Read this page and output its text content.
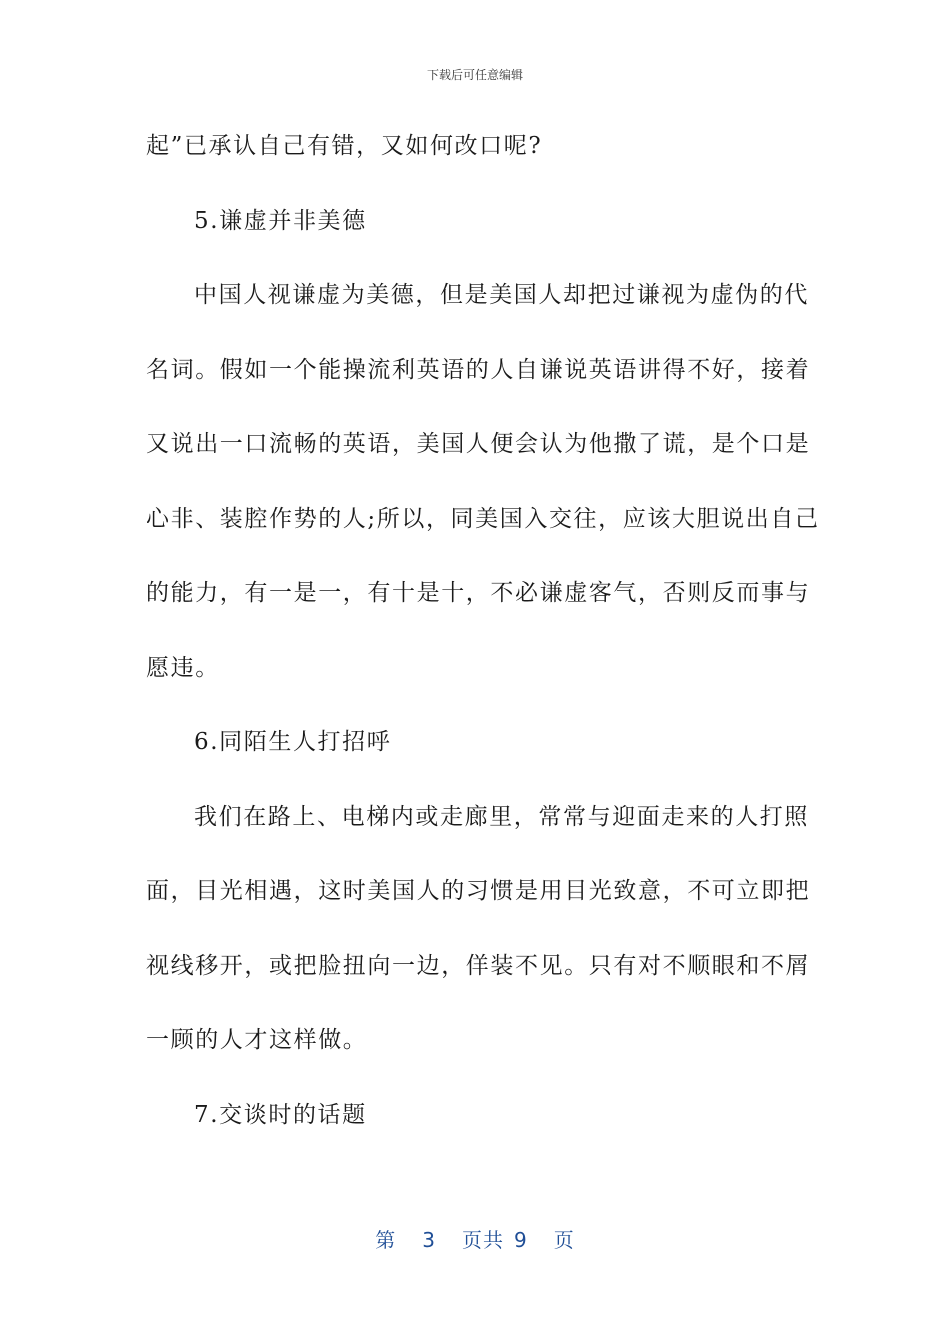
下载后可任意编辑
起”已承认自己有错，又如何改口呢?
5.谦虚并非美德
中国人视谦虚为美德，但是美国人却把过谦视为虚伪的代
名词。假如一个能操流利英语的人自谦说英语讲得不好，接着
又说出一口流畅的英语，美国人便会认为他撒了谎，是个口是
心非、装腔作势的人;所以，同美国入交往，应该大胆说出自己
的能力，有一是一，有十是十，不必谦虚客气，否则反而事与
愿违。
6.同陌生人打招呼
我们在路上、电梯内或走廊里，常常与迎面走来的人打照
面，目光相遇，这时美国人的习惯是用目光致意，不可立即把
视线移开，或把脸扭向一边，佯装不见。只有对不顺眼和不屑
一顾的人才这样做。
7.交谈时的话题
第 3 页共 9 页
